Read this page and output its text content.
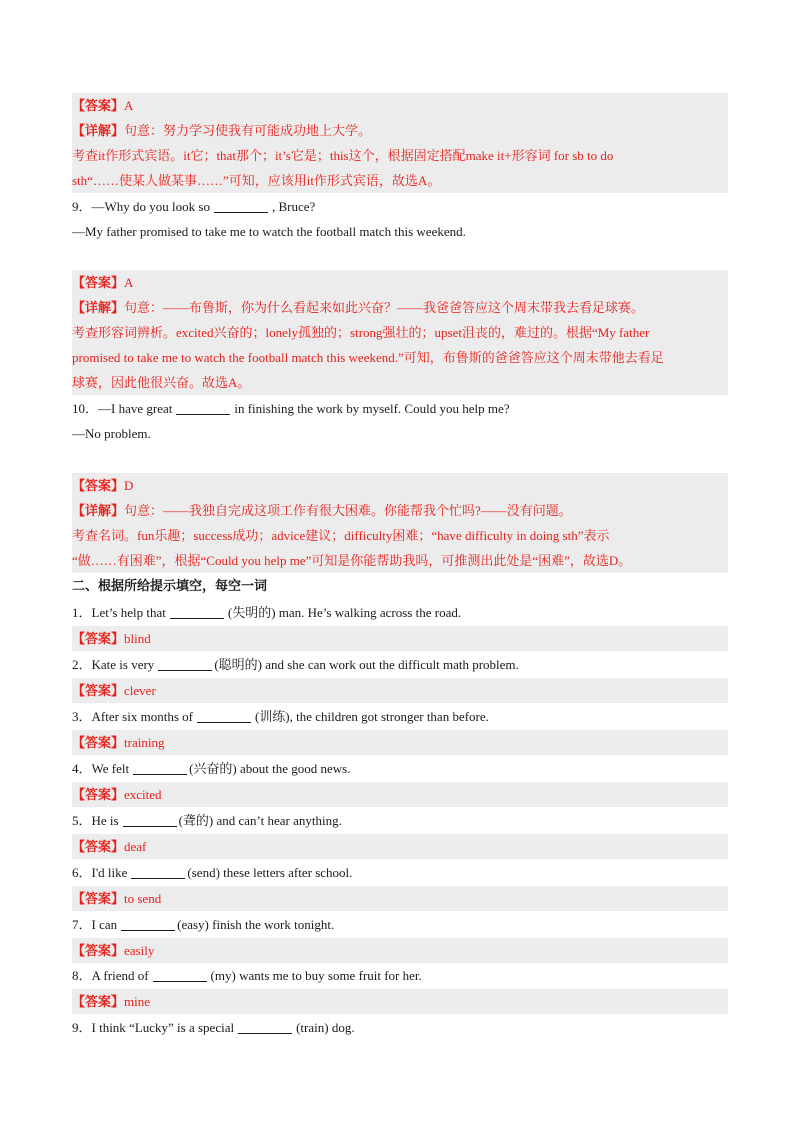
【答案】A
【详解】句意：努力学习使我有可能成功地上大学。
考查it作形式宾语。it它；that那个；it’s它是；this这个，根据固定搭配make it+形容词 for sb to do
sth“……使某人做某事……”可知，应该用it作形式宾语，故选A。
9．—Why do you look so	, Bruce?
—My father promised to take me to watch the football match this weekend.
【答案】A
【详解】句意：——布鲁斯，你为什么看起来如此兴奋？——我爸爸答应这个周末带我去看足球赛。
考查形容词辨析。excited兴奋的；lonely孤独的；strong强壮的；upset沮丧的，难过的。根据“My father
promised to take me to watch the football match this weekend.”可知，布鲁斯的爸爸答应这个周末带他去看足
球赛，因此他很兴奋。故选A。
10．—I have great	in finishing the work by myself. Could you help me?
—No problem.
【答案】D
【详解】句意：——我独自完成这项工作有很大困难。你能帮我个忙吗?——没有问题。
考查名词。fun乐趣；success成功；advice建议；difficulty困难；“have difficulty in doing sth”表示
“做……有困难”，根据“Could you help me”可知是你能帮助我吗，可推测出此处是“困难”，故选D。
二、根据所给提示填空，每空一词
1．Let’s help that	(失明的) man. He’s walking across the road.
【答案】blind
2．Kate is very	(聪明的) and she can work out the difficult math problem.
【答案】clever
3．After six months of	(训练), the children got stronger than before.
【答案】training
4．We felt	(兴奋的) about the good news.
【答案】excited
5．He is	(聋的) and can’t hear anything.
【答案】deaf
6．I'd like	(send) these letters after school.
【答案】to send
7．I can	(easy) finish the work tonight.
【答案】easily
8．A friend of	(my) wants me to buy some fruit for her.
【答案】mine
9．I think “Lucky” is a special	(train) dog.
